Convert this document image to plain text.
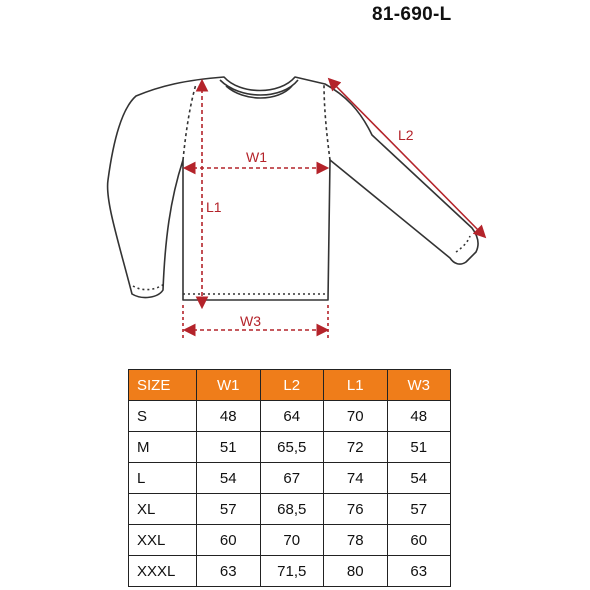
81-690-L
W1
L1
L2
W3
SIZE	W1	L2	L1	W3
S	48	64	70	48
M	51	65,5	72	51
L	54	67	74	54
XL	57	68,5	76	57
XXL	60	70	78	60
XXXL	63	71,5	80	63
